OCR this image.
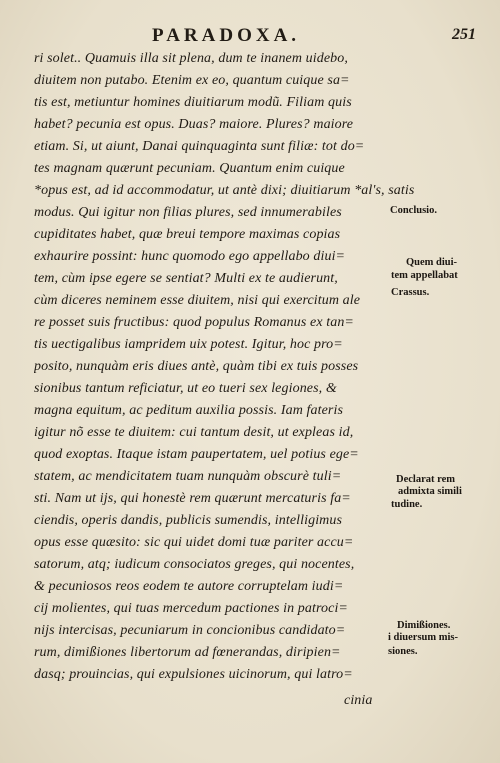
PARADOXA.	251
ri solet.. Quamuis illa sit plena, dum te inanem uidebo,
diuitem non putabo. Etenim ex eo, quantum cuique sa=
tis est, metiuntur homines diuitiarum modũ. Filiam quis
habet? pecunia est opus. Duas? maiore. Plures? maiore
etiam. Si, ut aiunt, Danai quinquaginta sunt filiæ: tot do=
tes magnam quærunt pecuniam. Quantum enim cuique
*opus est, ad id accommodatur, ut antè dixi; diuitiarum *al's, satis
modus. Qui igitur non filias plures, sed innumerabiles
cupiditates habet, quæ breui tempore maximas copias
exhaurire possint: hunc quomodo ego appellabo diui=
tem, cùm ipse egere se sentiat? Multi ex te audierunt,
cùm diceres neminem esse diuitem, nisi qui exercitum ale
re posset suis fructibus: quod populus Romanus ex tan=
tis uectigalibus iampridem uix potest. Igitur, hoc pro=
posito, nunquàm eris diues antè, quàm tibi ex tuis posses
sionibus tantum reficiatur, ut eo tueri sex legiones, &
magna equitum, ac peditum auxilia possis. Iam fateris
igitur nõ esse te diuitem: cui tantum desit, ut expleas id,
quod exoptas. Itaque istam paupertatem, uel potius ege=
statem, ac mendicitatem tuam nunquàm obscurè tuli=
sti. Nam ut ijs, qui honestè rem quærunt mercaturis fa=
ciendis, operis dandis, publicis sumendis, intelligimus
opus esse quæsito: sic qui uidet domi tuæ pariter accu=
satorum, atq; iudicum consociatos greges, qui nocentes,
& pecuniosos reos eodem te autore corruptelam iudi=
cij molientes, qui tuas mercedum pactiones in patroci=
nijs intercisas, pecuniarum in concionibus candidato=
rum, dimißiones libertorum ad fœnerandas, diripien=
dasq; prouincias, qui expulsiones uicinorum, qui latro=
cinia
Conclusio.
Quem diui-
tem appellabat
Crassus.
Declarat rem
admixta simili
tudine.
Dimißiones.
i diuersum mis-
siones.
